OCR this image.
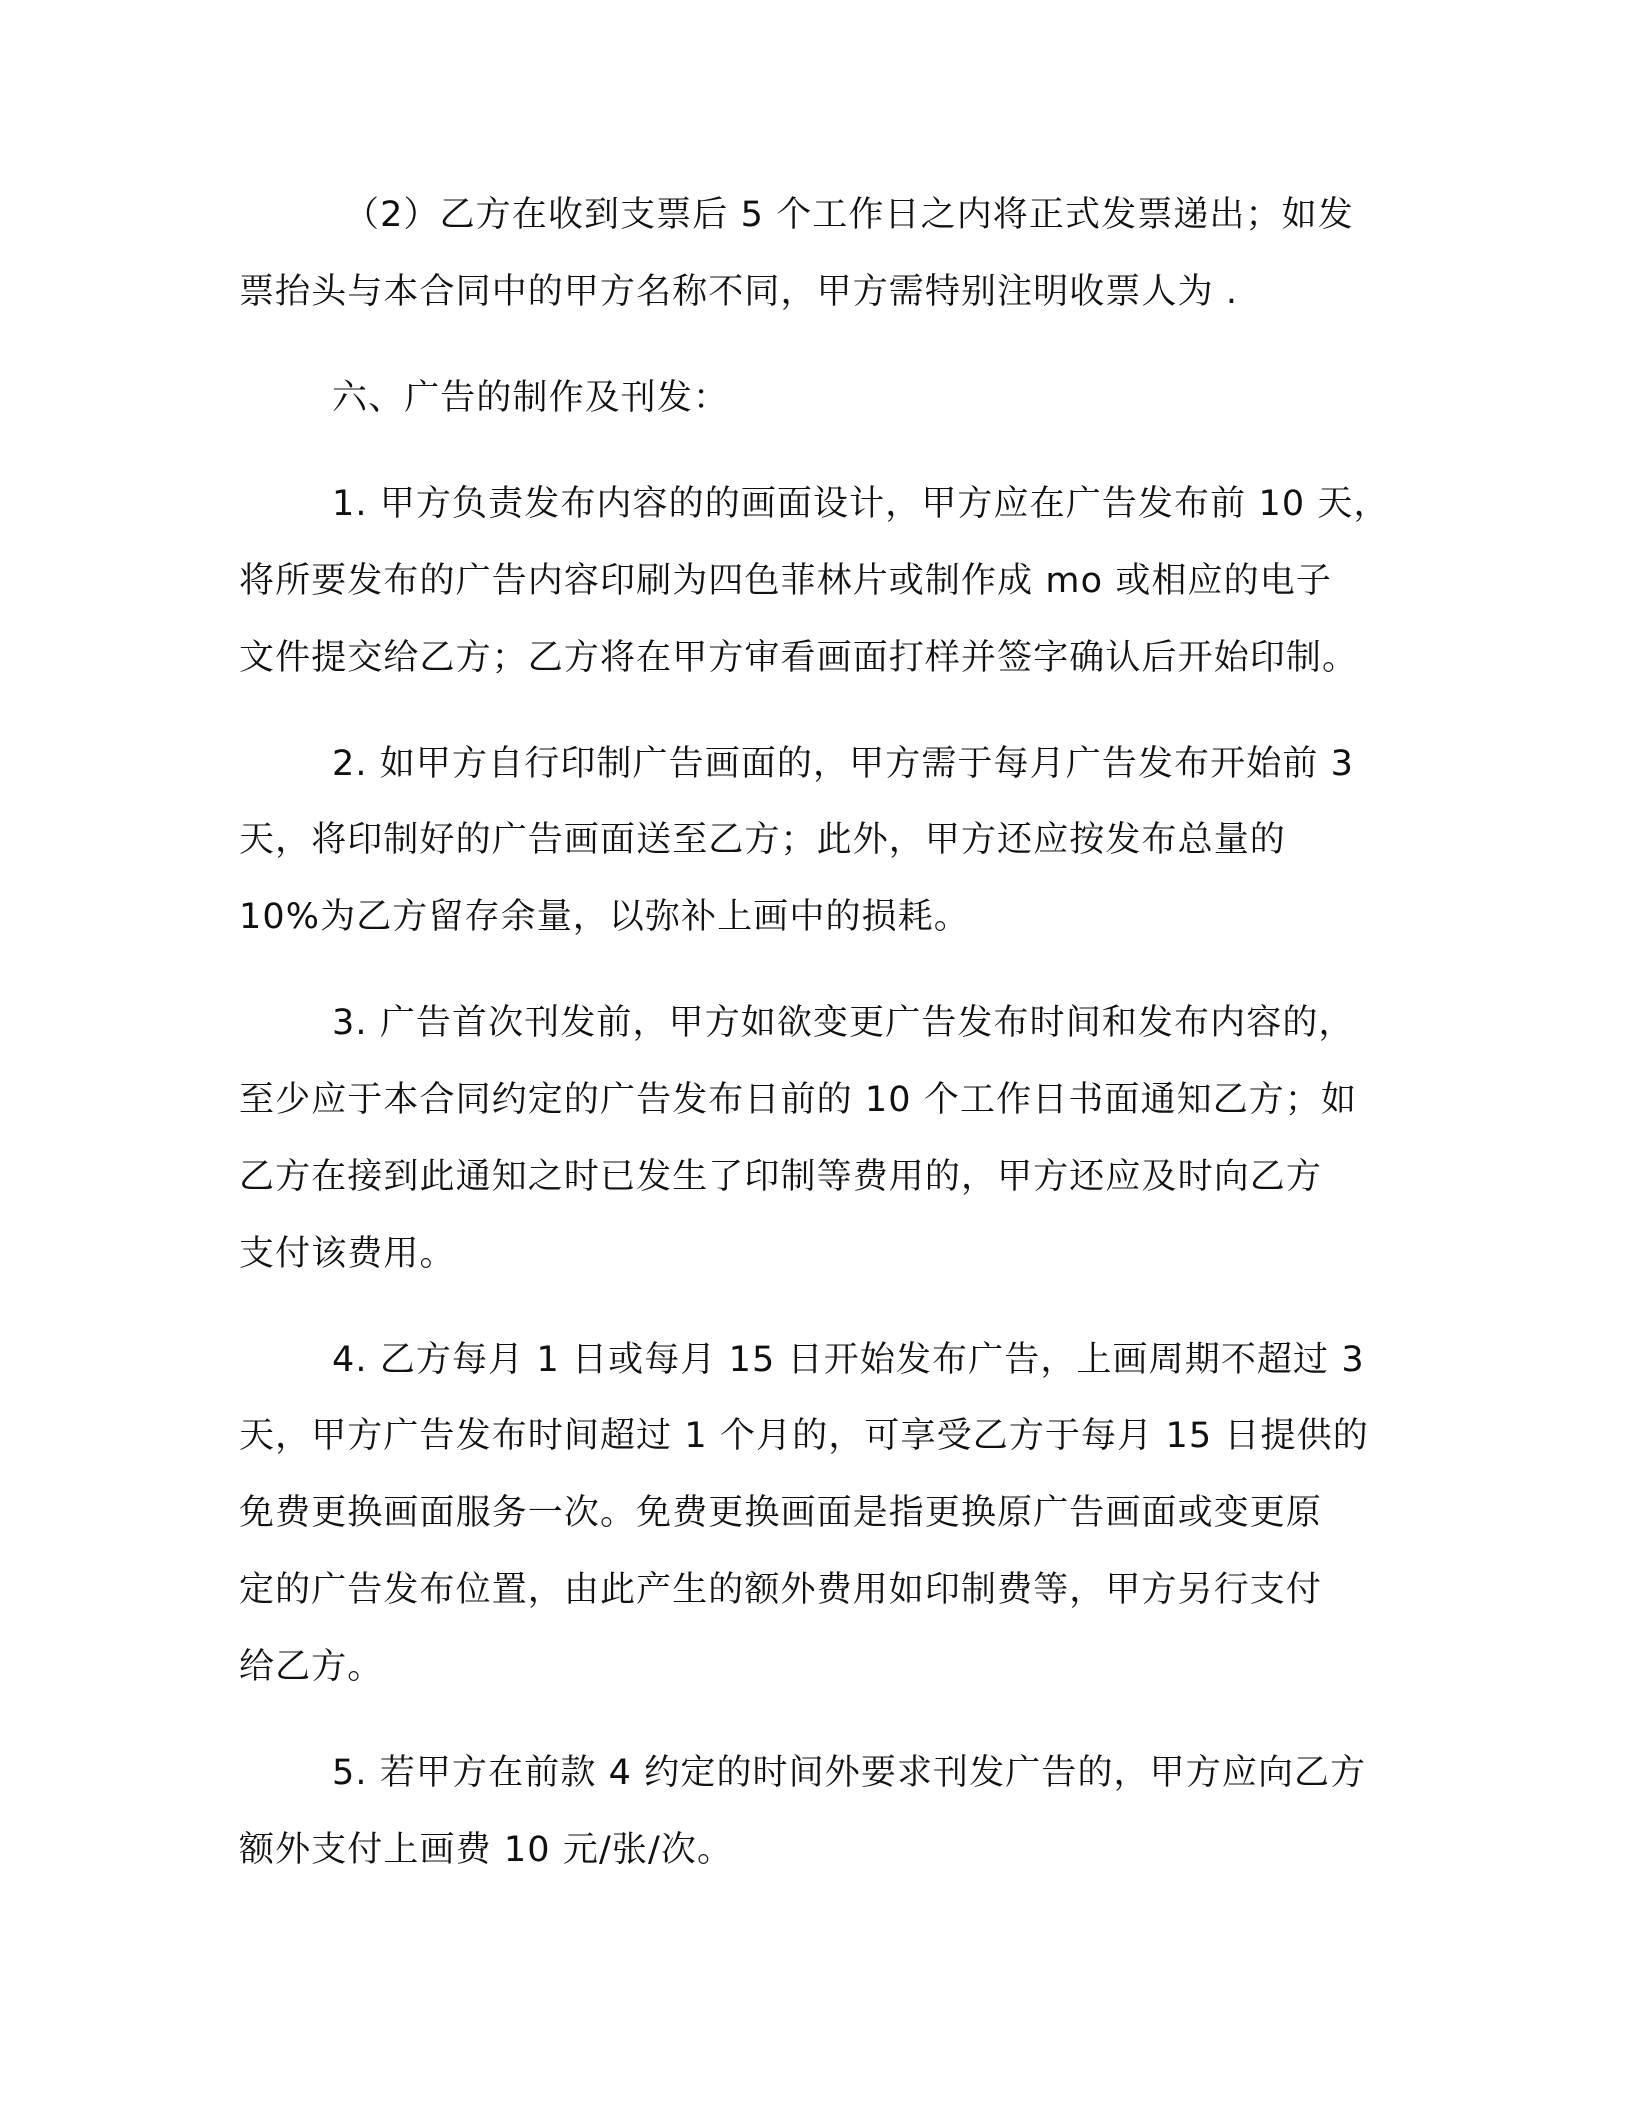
（2）乙方在收到支票后 5 个工作日之内将正式发票递出；如发
票抬头与本合同中的甲方名称不同，甲方需特别注明收票人为 .
六、广告的制作及刊发：
1. 甲方负责发布内容的的画面设计，甲方应在广告发布前 10 天，
将所要发布的广告内容印刷为四色菲林片或制作成 mo 或相应的电子
文件提交给乙方；乙方将在甲方审看画面打样并签字确认后开始印制。
2. 如甲方自行印制广告画面的，甲方需于每月广告发布开始前 3
天，将印制好的广告画面送至乙方；此外，甲方还应按发布总量的
10%为乙方留存余量，以弥补上画中的损耗。
3. 广告首次刊发前，甲方如欲变更广告发布时间和发布内容的，
至少应于本合同约定的广告发布日前的 10 个工作日书面通知乙方；如
乙方在接到此通知之时已发生了印制等费用的，甲方还应及时向乙方
支付该费用。
4. 乙方每月 1 日或每月 15 日开始发布广告，上画周期不超过 3
天，甲方广告发布时间超过 1 个月的，可享受乙方于每月 15 日提供的
免费更换画面服务一次。免费更换画面是指更换原广告画面或变更原
定的广告发布位置，由此产生的额外费用如印制费等，甲方另行支付
给乙方。
5. 若甲方在前款 4 约定的时间外要求刊发广告的，甲方应向乙方
额外支付上画费 10 元/张/次。
